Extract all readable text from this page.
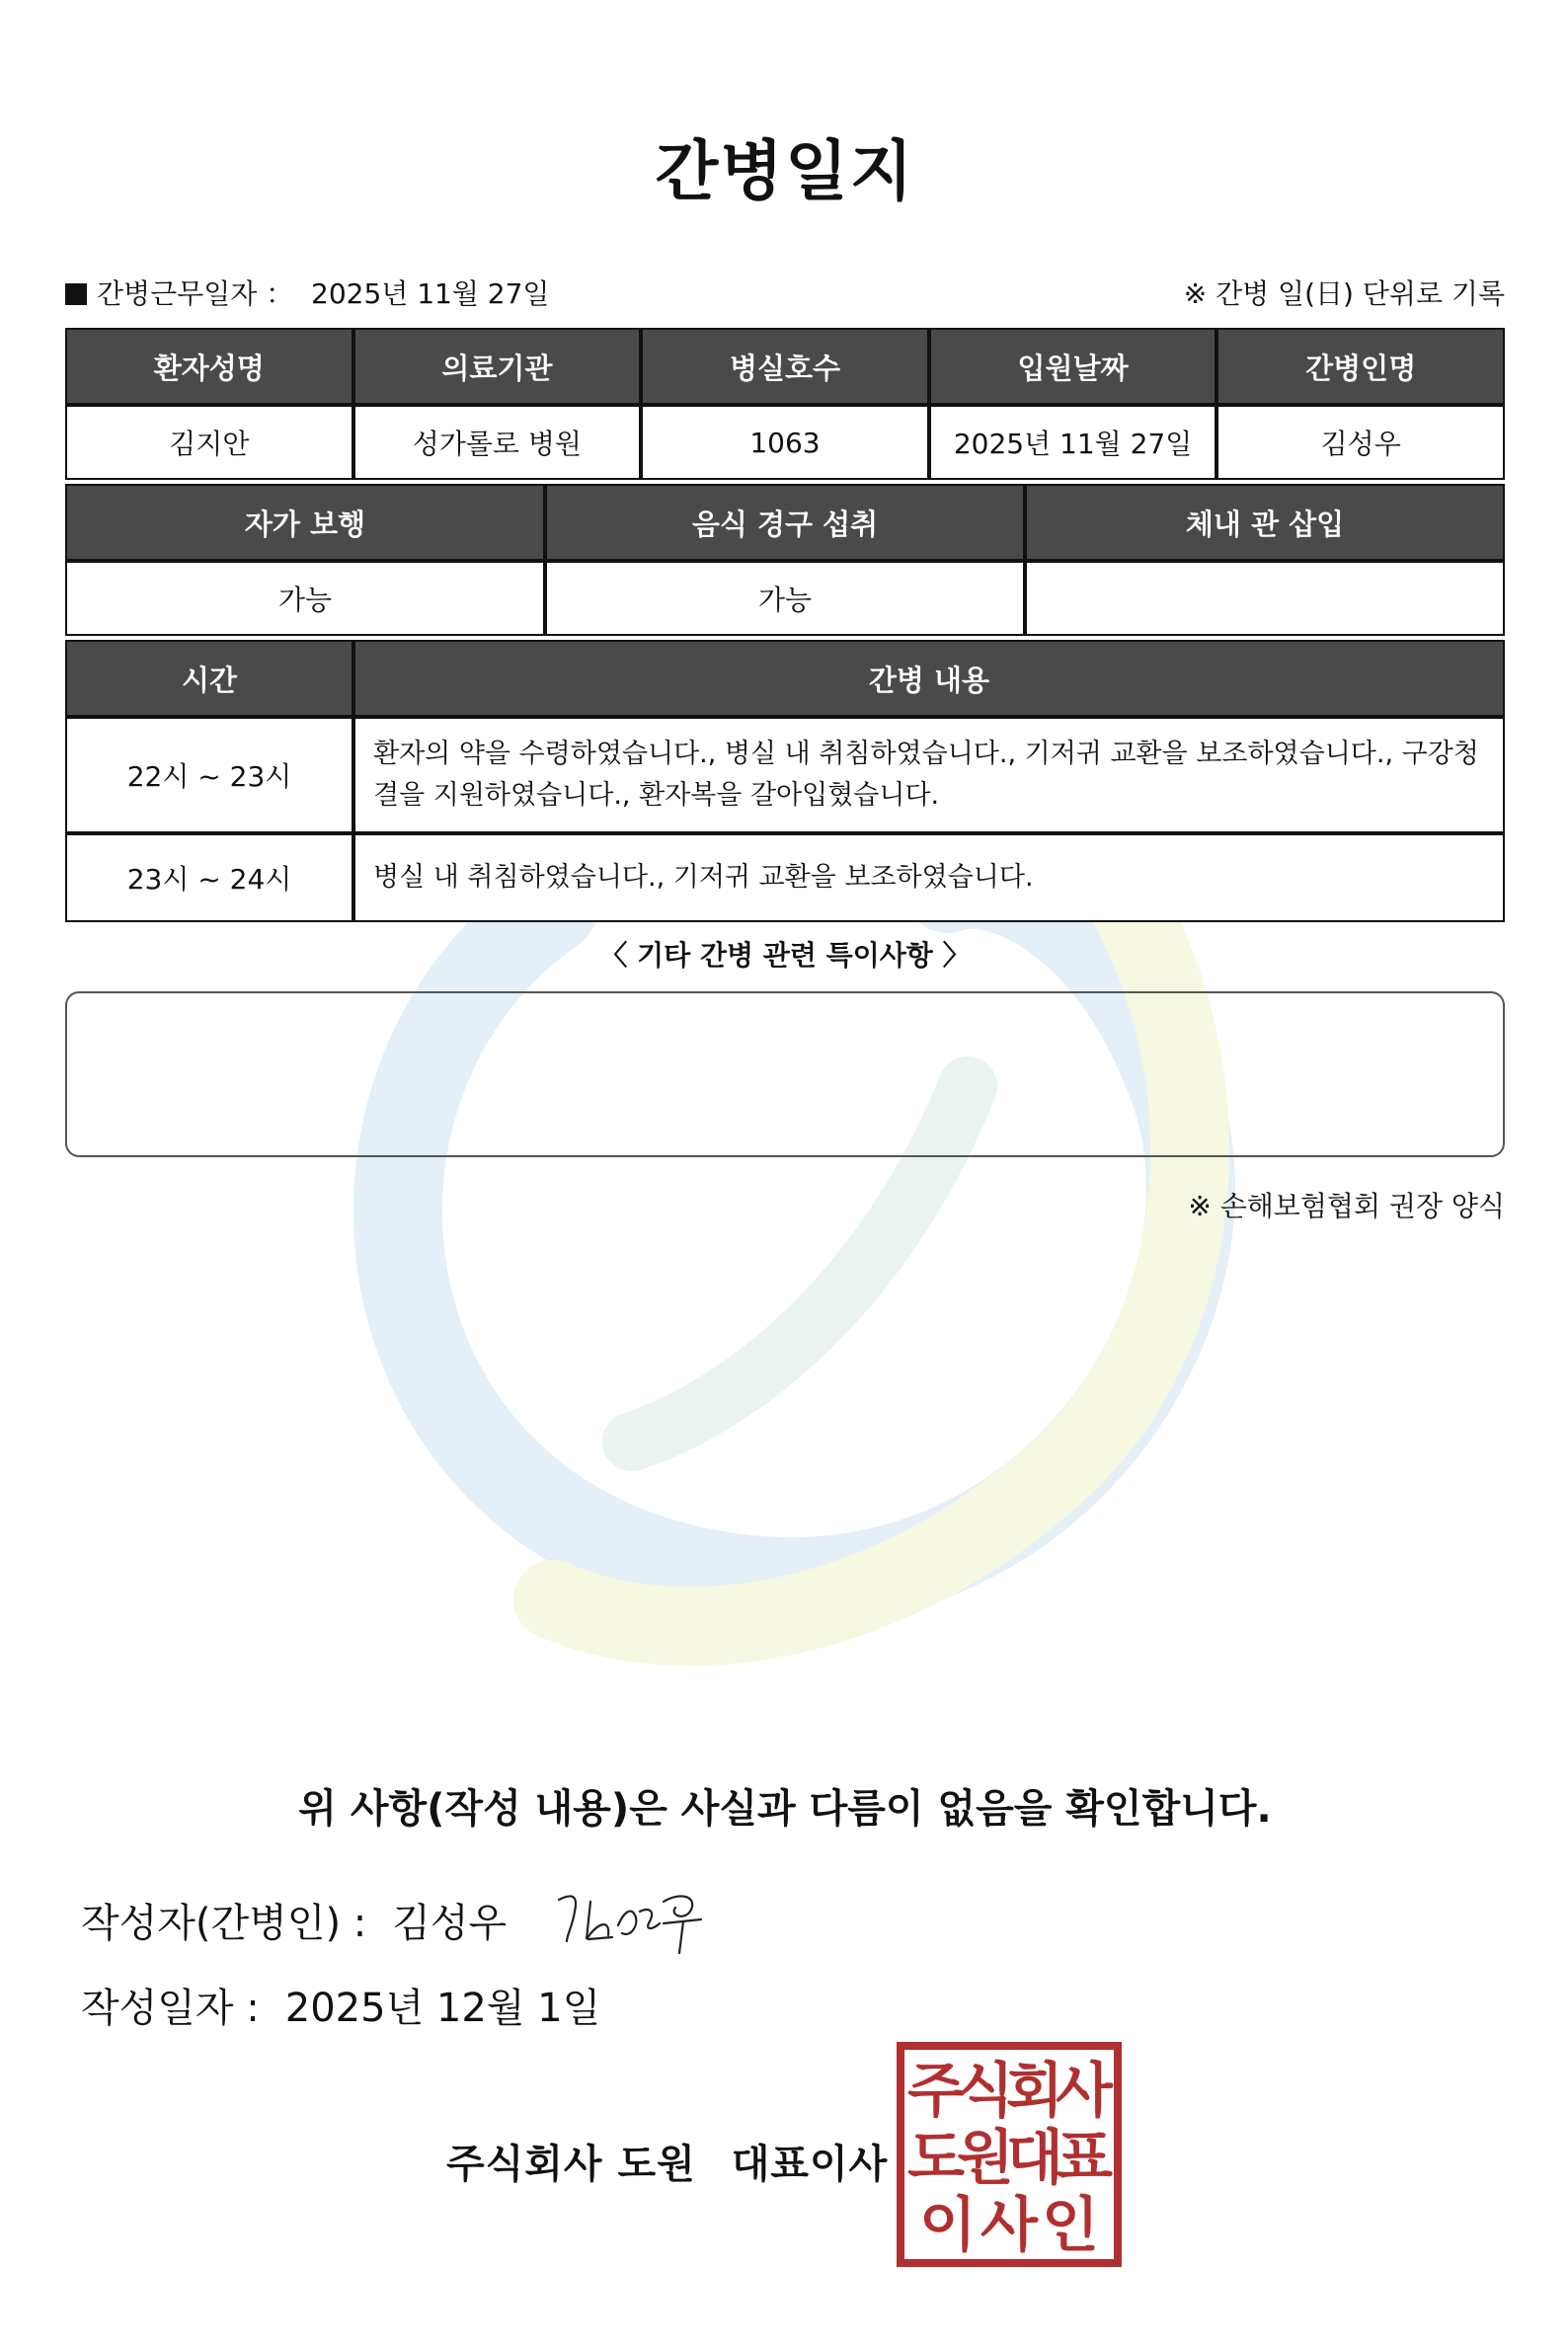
간병일지
간병근무일자 ： 2025년 11월 27일	※ 간병 일(日) 단위로 기록
환자성명	의료기관	병실호수	입원날짜	간병인명
김지안	성가롤로 병원	1063	2025년 11월 27일	김성우
자가 보행	음식 경구 섭취	체내 관 삽입
가능	가능	
시간	간병 내용
22시 ~ 23시	환자의 약을 수령하였습니다., 병실 내 취침하였습니다., 기저귀 교환을 보조하였습니다., 구강청결을 지원하였습니다., 환자복을 갈아입혔습니다.
23시 ~ 24시	병실 내 취침하였습니다., 기저귀 교환을 보조하였습니다.
〈 기타 간병 관련 특이사항 〉
※ 손해보험협회 권장 양식
위 사항(작성 내용)은 사실과 다름이 없음을 확인합니다.
작성자(간병인) : 김성우
작성일자 : 2025년 12월 1일
주식회사 도원 대표이사
주
식
회
사
도
원
대
표
이 사 인
